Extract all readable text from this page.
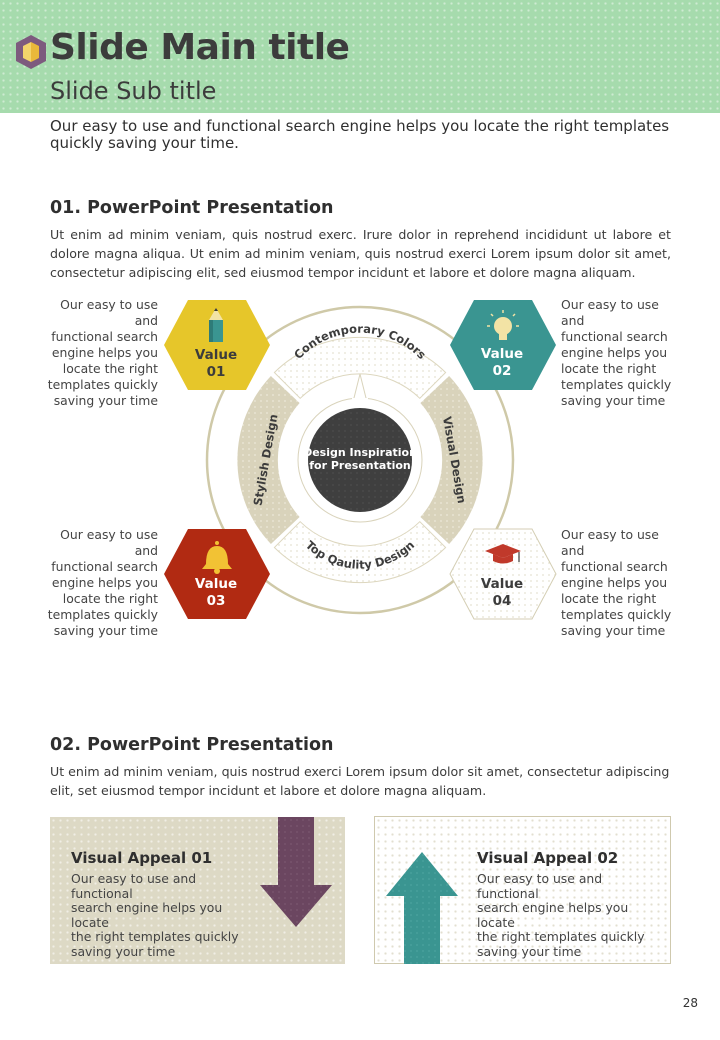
Slide Main title
Slide Sub title
Our easy to use and functional search engine helps you locate the right templates quickly saving your time.
01. PowerPoint Presentation
Ut enim ad minim veniam, quis nostrud exerc. Irure dolor in reprehend incididunt ut labore et dolore magna aliqua. Ut enim ad minim veniam, quis nostrud exerci Lorem ipsum dolor sit amet, consectetur adipiscing elit, sed eiusmod tempor incidunt et labore et dolore magna aliquam.
Our easy to use and
functional search
engine helps you
locate the right
templates quickly
saving your time
Our easy to use and
functional search
engine helps you
locate the right
templates quickly
saving your time
Our easy to use and
functional search
engine helps you
locate the right
templates quickly
saving your time
Our easy to use and
functional search
engine helps you
locate the right
templates quickly
saving your time
Design Inspiration
for Presentation
Contemporary Colors
Top Qaulity Design
Stylish Design	Visual Design
Value
01
Value
02
Value
03
Value
04
02. PowerPoint Presentation
Ut enim ad minim veniam, quis nostrud exerci Lorem ipsum dolor sit amet, consectetur adipiscing elit, set eiusmod tempor incidunt et labore et dolore magna aliquam.
Visual Appeal 01
Our easy to use and functional
search engine helps you locate
the right templates quickly
saving your time
Visual Appeal 02
Our easy to use and functional
search engine helps you locate
the right templates quickly
saving your time
28
